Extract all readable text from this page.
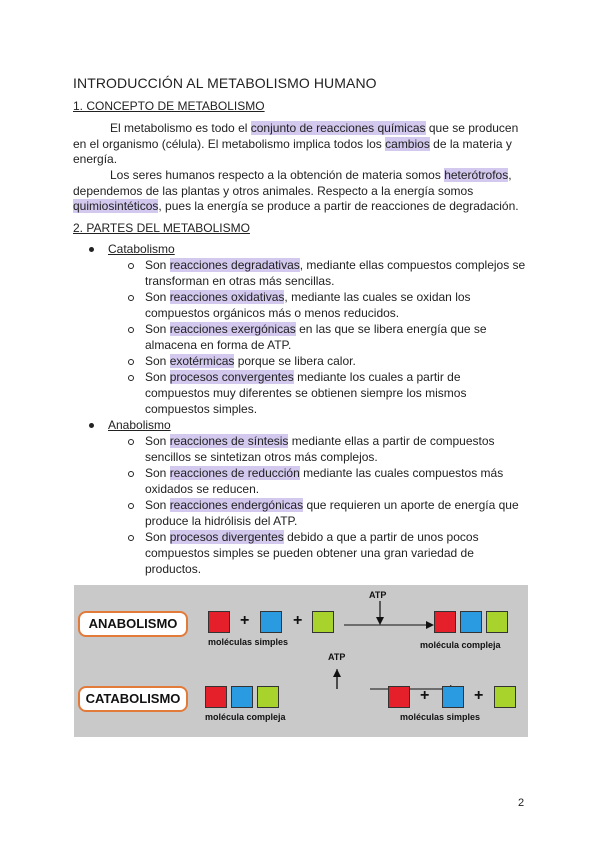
INTRODUCCIÓN AL METABOLISMO HUMANO
1. CONCEPTO DE METABOLISMO

El metabolismo es todo el conjunto de reacciones químicas que se producen en el organismo (célula). El metabolismo implica todos los cambios de la materia y energía.

Los seres humanos respecto a la obtención de materia somos heterótrofos, dependemos de las plantas y otros animales. Respecto a la energía somos quimiosintéticos, pues la energía se produce a partir de reacciones de degradación.

2. PARTES DEL METABOLISMO
Catabolismo
Son reacciones degradativas, mediante ellas compuestos complejos se transforman en otras más sencillas.
Son reacciones oxidativas, mediante las cuales se oxidan los compuestos orgánicos más o menos reducidos.
Son reacciones exergónicas en las que se libera energía que se almacena en forma de ATP.
Son exotérmicas porque se libera calor.
Son procesos convergentes mediante los cuales a partir de compuestos muy diferentes se obtienen siempre los mismos compuestos simples.
Anabolismo
Son reacciones de síntesis mediante ellas a partir de compuestos sencillos se sintetizan otros más complejos.
Son reacciones de reducción mediante las cuales compuestos más oxidados se reducen.
Son reacciones endergónicas que requieren un aporte de energía que produce la hidrólisis del ATP.
Son procesos divergentes debido a que a partir de unos pocos compuestos simples se pueden obtener una gran variedad de productos.
ANABOLISMO	+	+
moléculas simples
ATP
molécula compleja
CATABOLISMO
ATP
molécula compleja
+	+
moléculas simples
2
